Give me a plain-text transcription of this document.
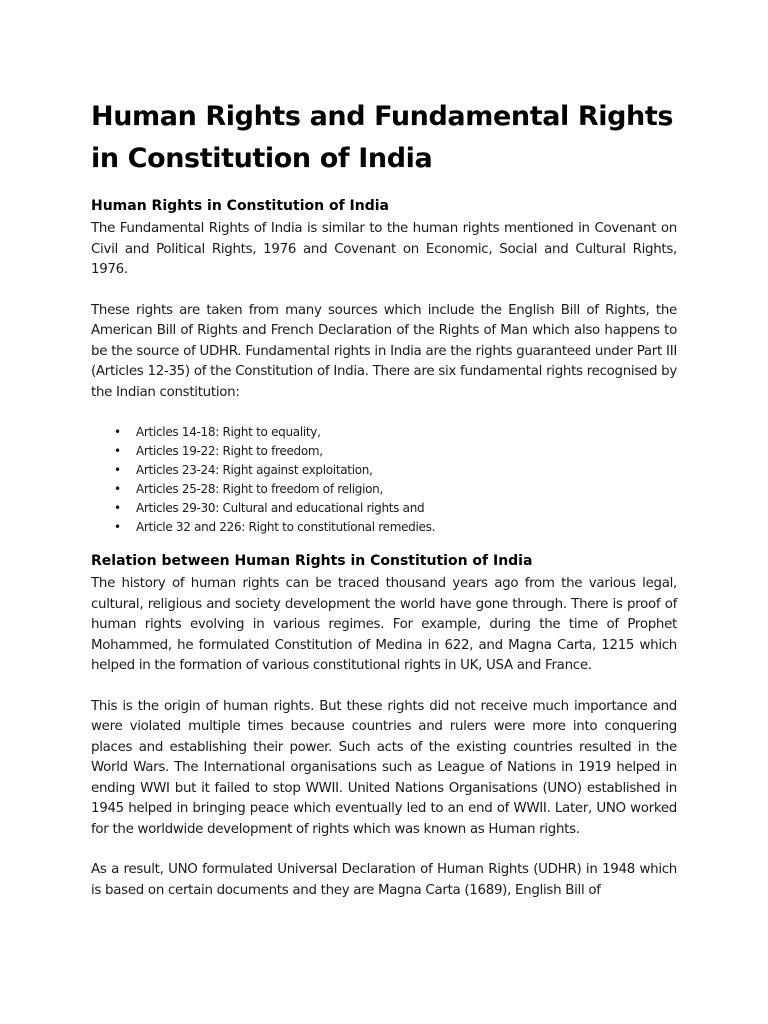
Human Rights and Fundamental Rights in Constitution of India
Human Rights in Constitution of India

The Fundamental Rights of India is similar to the human rights mentioned in Covenant on Civil and Political Rights, 1976 and Covenant on Economic, Social and Cultural Rights, 1976.

These rights are taken from many sources which include the English Bill of Rights, the American Bill of Rights and French Declaration of the Rights of Man which also happens to be the source of UDHR. Fundamental rights in India are the rights guaranteed under Part III (Articles 12-35) of the Constitution of India. There are six fundamental rights recognised by the Indian constitution:

• Articles 14-18: Right to equality,
• Articles 19-22: Right to freedom,
• Articles 23-24: Right against exploitation,
• Articles 25-28: Right to freedom of religion,
• Articles 29-30: Cultural and educational rights and
• Article 32 and 226: Right to constitutional remedies.
Relation between Human Rights in Constitution of India

The history of human rights can be traced thousand years ago from the various legal, cultural, religious and society development the world have gone through. There is proof of human rights evolving in various regimes. For example, during the time of Prophet Mohammed, he formulated Constitution of Medina in 622, and Magna Carta, 1215 which helped in the formation of various constitutional rights in UK, USA and France.

This is the origin of human rights. But these rights did not receive much importance and were violated multiple times because countries and rulers were more into conquering places and establishing their power. Such acts of the existing countries resulted in the World Wars. The International organisations such as League of Nations in 1919 helped in ending WWI but it failed to stop WWII. United Nations Organisations (UNO) established in 1945 helped in bringing peace which eventually led to an end of WWII. Later, UNO worked for the worldwide development of rights which was known as Human rights.

As a result, UNO formulated Universal Declaration of Human Rights (UDHR) in 1948 which is based on certain documents and they are Magna Carta (1689), English Bill of
